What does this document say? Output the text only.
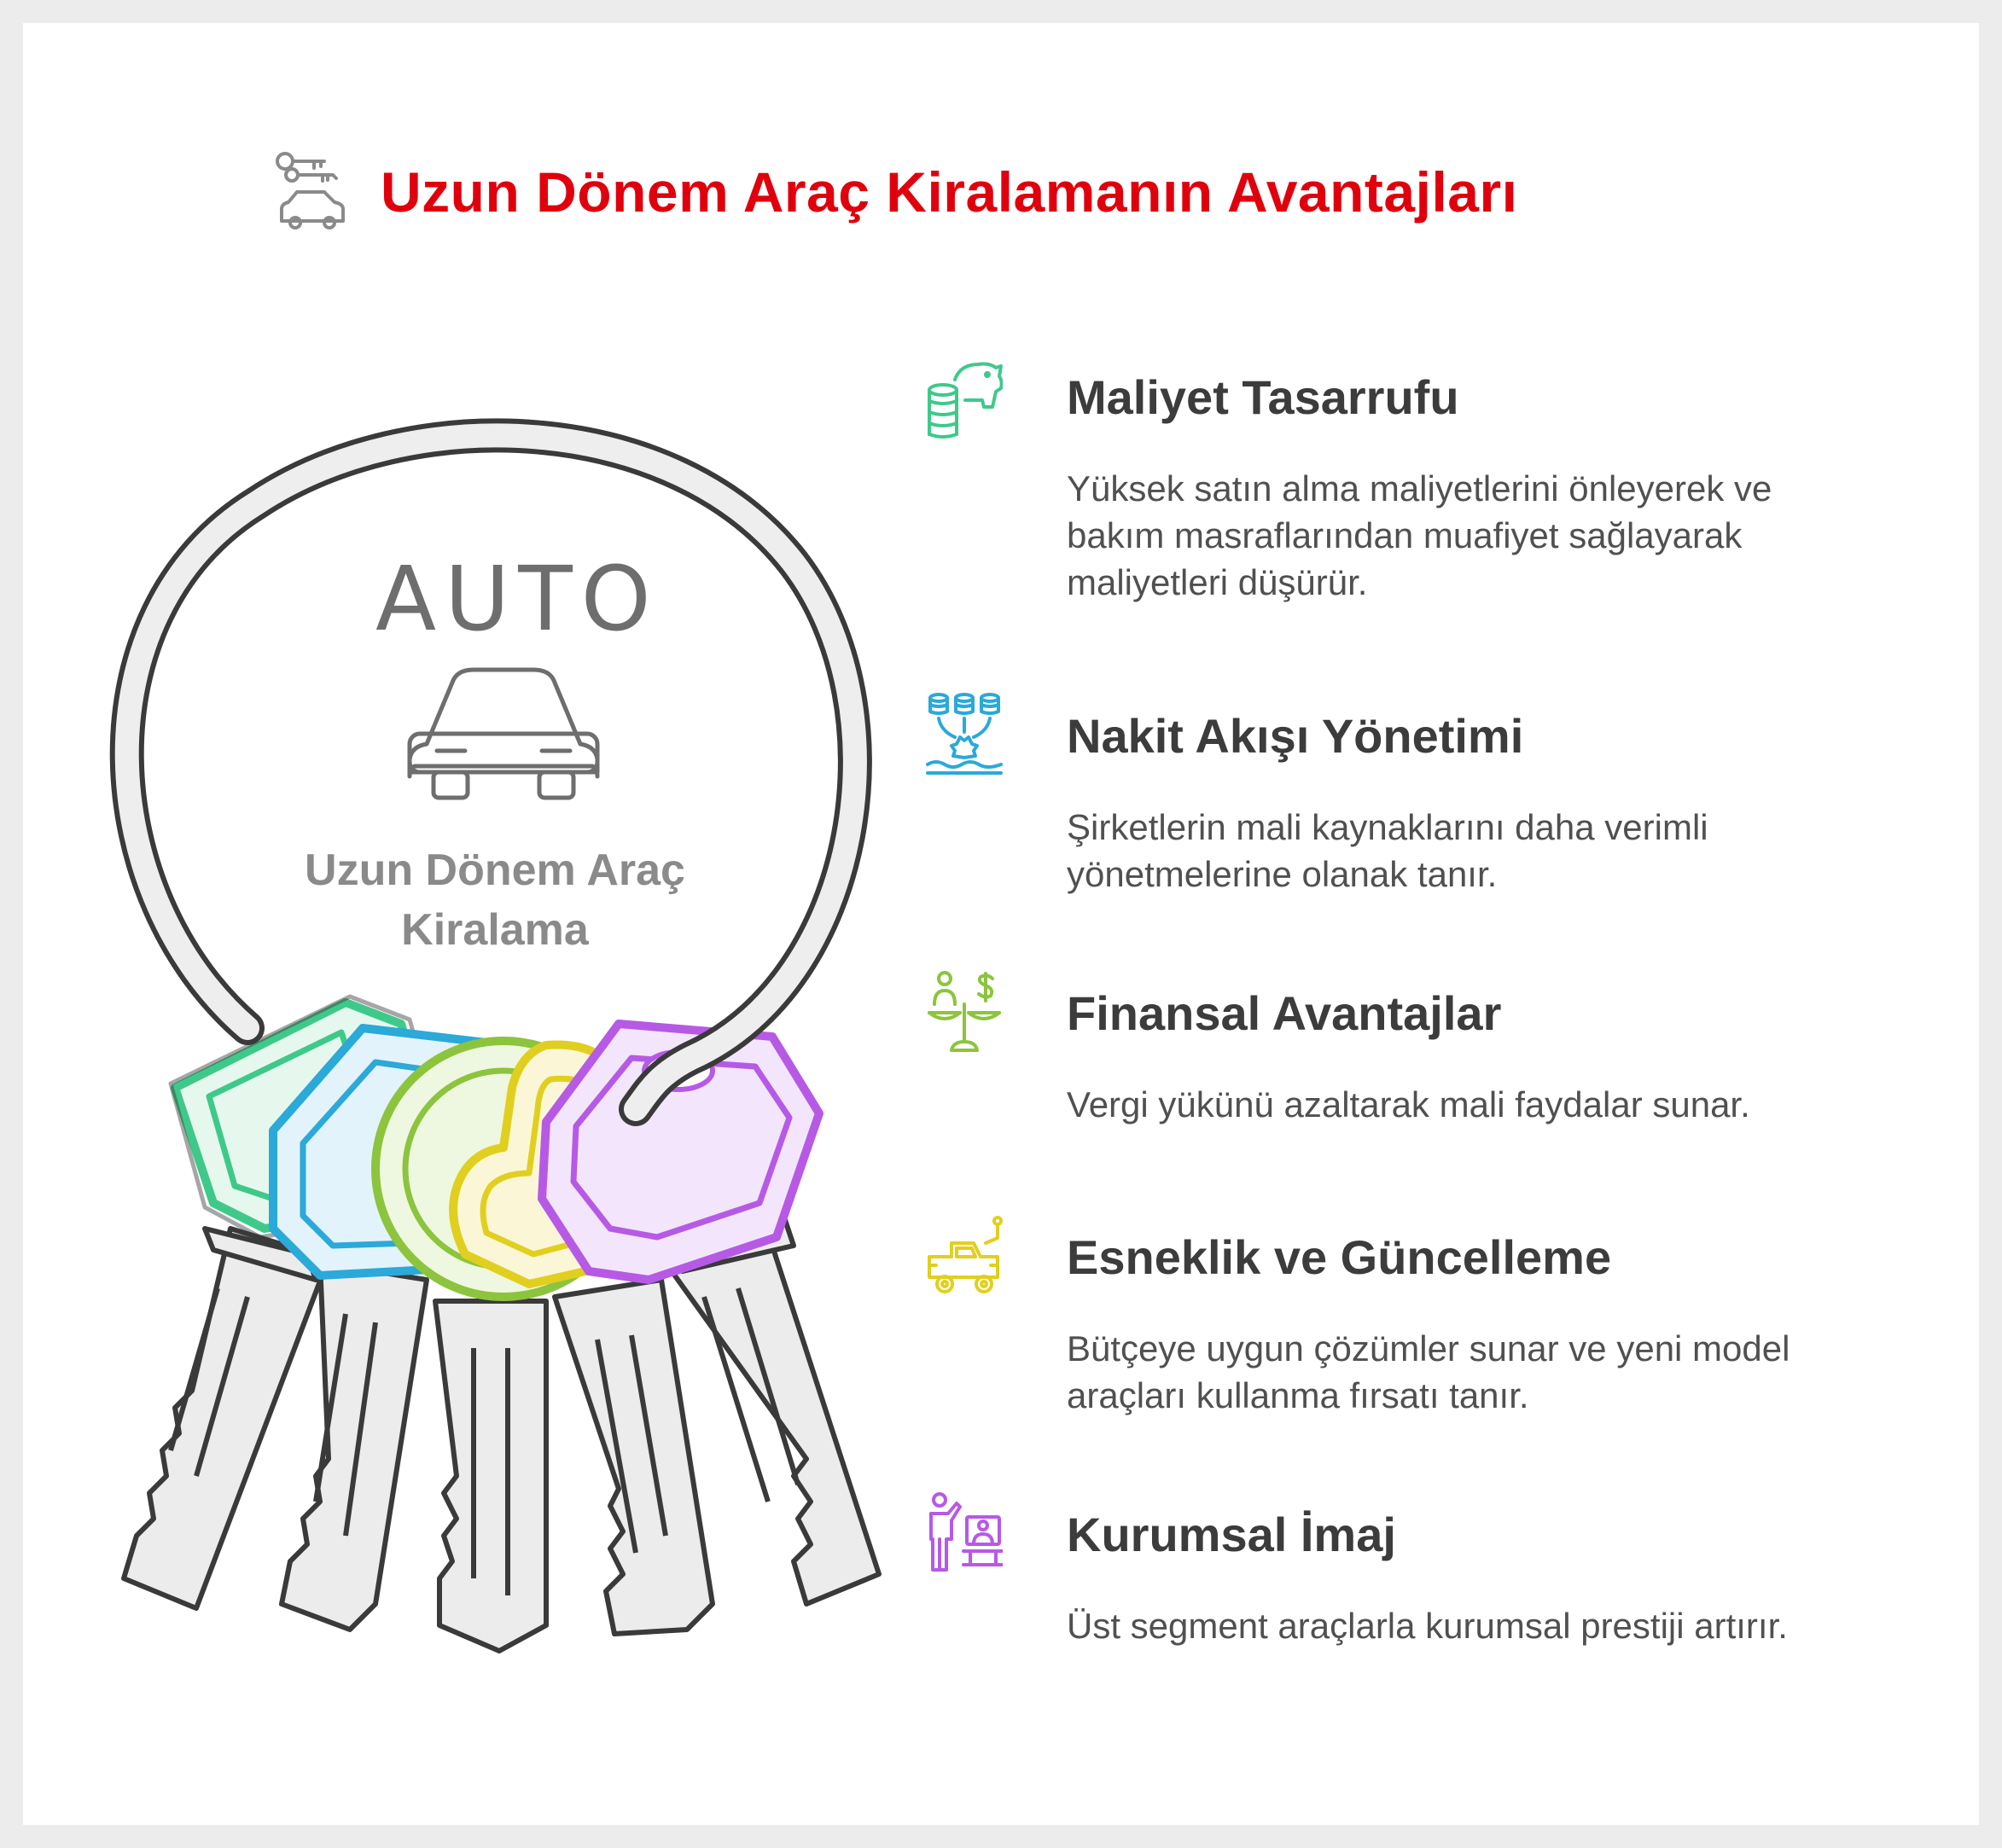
Uzun Dönem Araç Kiralamanın Avantajları
AUTO
Uzun Dönem Araç Kiralama
Maliyet Tasarrufu
Yüksek satın alma maliyetlerini önleyerek ve bakım masraflarından muafiyet sağlayarak maliyetleri düşürür.
Nakit Akışı Yönetimi
Şirketlerin mali kaynaklarını daha verimli yönetmelerine olanak tanır.
Finansal Avantajlar
Vergi yükünü azaltarak mali faydalar sunar.
Esneklik ve Güncelleme
Bütçeye uygun çözümler sunar ve yeni model araçları kullanma fırsatı tanır.
Kurumsal İmaj
Üst segment araçlarla kurumsal prestiji artırır.
